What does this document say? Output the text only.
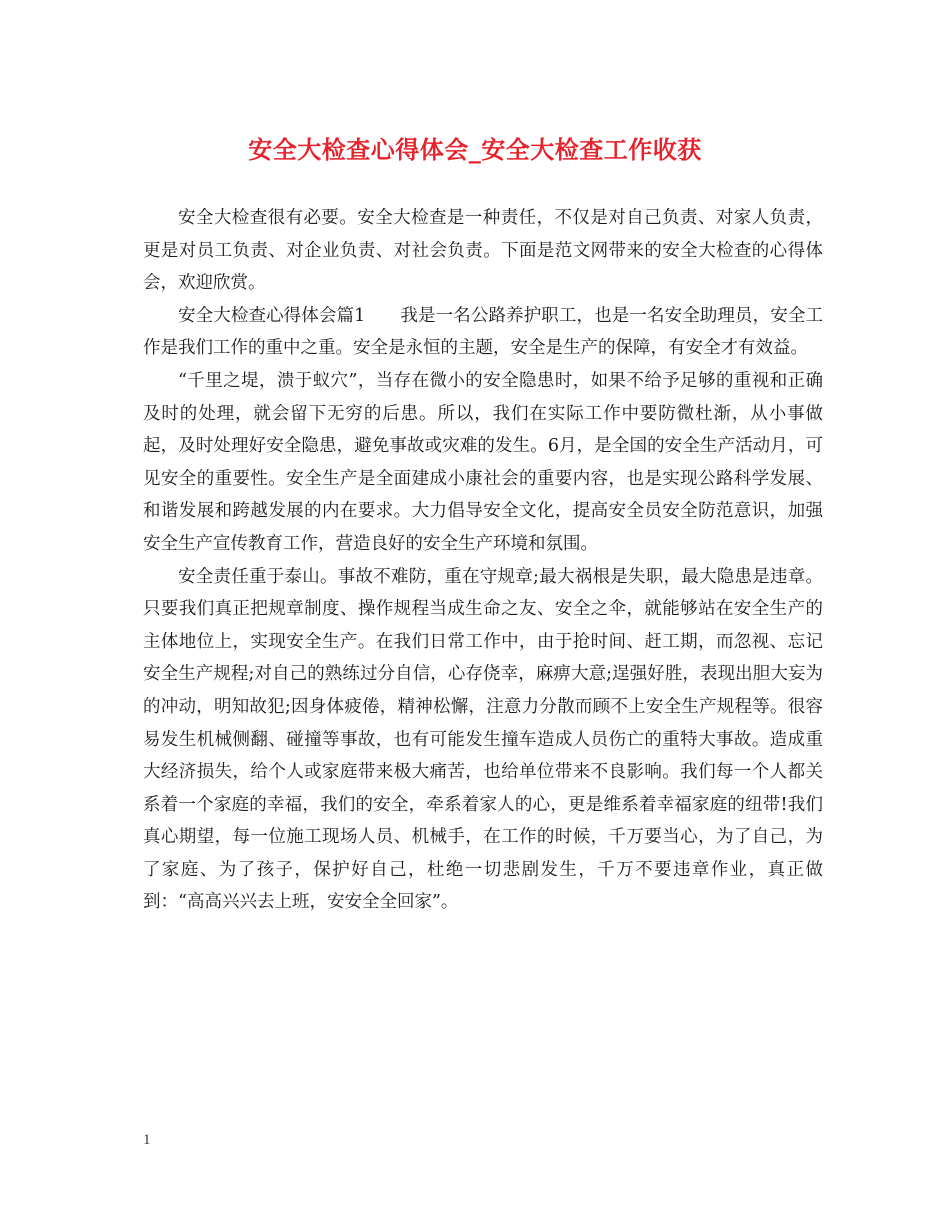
安全大检查心得体会_安全大检查工作收获

安全大检查很有必要。安全大检查是一种责任，不仅是对自己负责、对家人负责，更是对员工负责、对企业负责、对社会负责。下面是范文网带来的安全大检查的心得体会，欢迎欣赏。

安全大检查心得体会篇1 我是一名公路养护职工，也是一名安全助理员，安全工作是我们工作的重中之重。安全是永恒的主题，安全是生产的保障，有安全才有效益。

“千里之堤，溃于蚁穴”，当存在微小的安全隐患时，如果不给予足够的重视和正确及时的处理，就会留下无穷的后患。所以，我们在实际工作中要防微杜渐，从小事做起，及时处理好安全隐患，避免事故或灾难的发生。6月，是全国的安全生产活动月，可见安全的重要性。安全生产是全面建成小康社会的重要内容，也是实现公路科学发展、和谐发展和跨越发展的内在要求。大力倡导安全文化，提高安全员安全防范意识，加强安全生产宣传教育工作，营造良好的安全生产环境和氛围。

安全责任重于泰山。事故不难防，重在守规章;最大祸根是失职，最大隐患是违章。只要我们真正把规章制度、操作规程当成生命之友、安全之伞，就能够站在安全生产的主体地位上，实现安全生产。在我们日常工作中，由于抢时间、赶工期，而忽视、忘记安全生产规程;对自己的熟练过分自信，心存侥幸，麻痹大意;逞强好胜，表现出胆大妄为的冲动，明知故犯;因身体疲倦，精神松懈，注意力分散而顾不上安全生产规程等。很容易发生机械侧翻、碰撞等事故，也有可能发生撞车造成人员伤亡的重特大事故。造成重大经济损失，给个人或家庭带来极大痛苦，也给单位带来不良影响。我们每一个人都关系着一个家庭的幸福，我们的安全，牵系着家人的心，更是维系着幸福家庭的纽带!我们真心期望，每一位施工现场人员、机械手，在工作的时候，千万要当心，为了自己，为了家庭、为了孩子，保护好自己，杜绝一切悲剧发生，千万不要违章作业，真正做到：“高高兴兴去上班，安安全全回家”。

1
